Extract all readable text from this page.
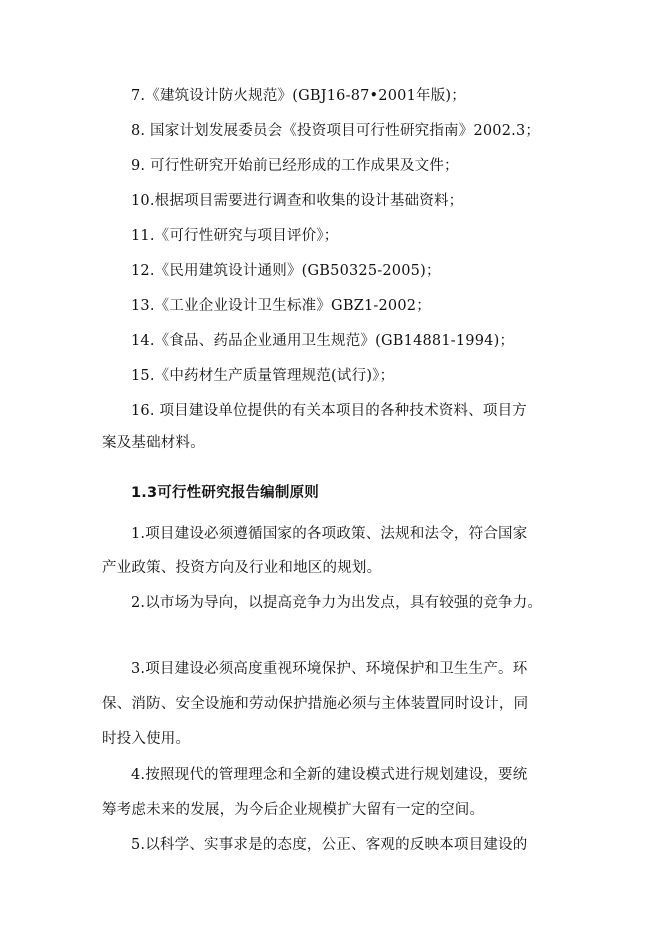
7.《建筑设计防火规范》(GBJ16-87•2001年版)；
8. 国家计划发展委员会《投资项目可行性研究指南》2002.3；
9. 可行性研究开始前已经形成的工作成果及文件；
10.根据项目需要进行调查和收集的设计基础资料；
11.《可行性研究与项目评价》；
12.《民用建筑设计通则》(GB50325-2005)；
13.《工业企业设计卫生标准》GBZ1-2002；
14.《食品、药品企业通用卫生规范》(GB14881-1994)；
15.《中药材生产质量管理规范(试行)》；
16. 项目建设单位提供的有关本项目的各种技术资料、项目方
案及基础材料。
1.3可行性研究报告编制原则
1.项目建设必须遵循国家的各项政策、法规和法令，符合国家
产业政策、投资方向及行业和地区的规划。
2.以市场为导向，以提高竞争力为出发点，具有较强的竞争力。
3.项目建设必须高度重视环境保护、环境保护和卫生生产。环
保、消防、安全设施和劳动保护措施必须与主体装置同时设计，同
时投入使用。
4.按照现代的管理理念和全新的建设模式进行规划建设，要统
筹考虑未来的发展，为今后企业规模扩大留有一定的空间。
5.以科学、实事求是的态度，公正、客观的反映本项目建设的
